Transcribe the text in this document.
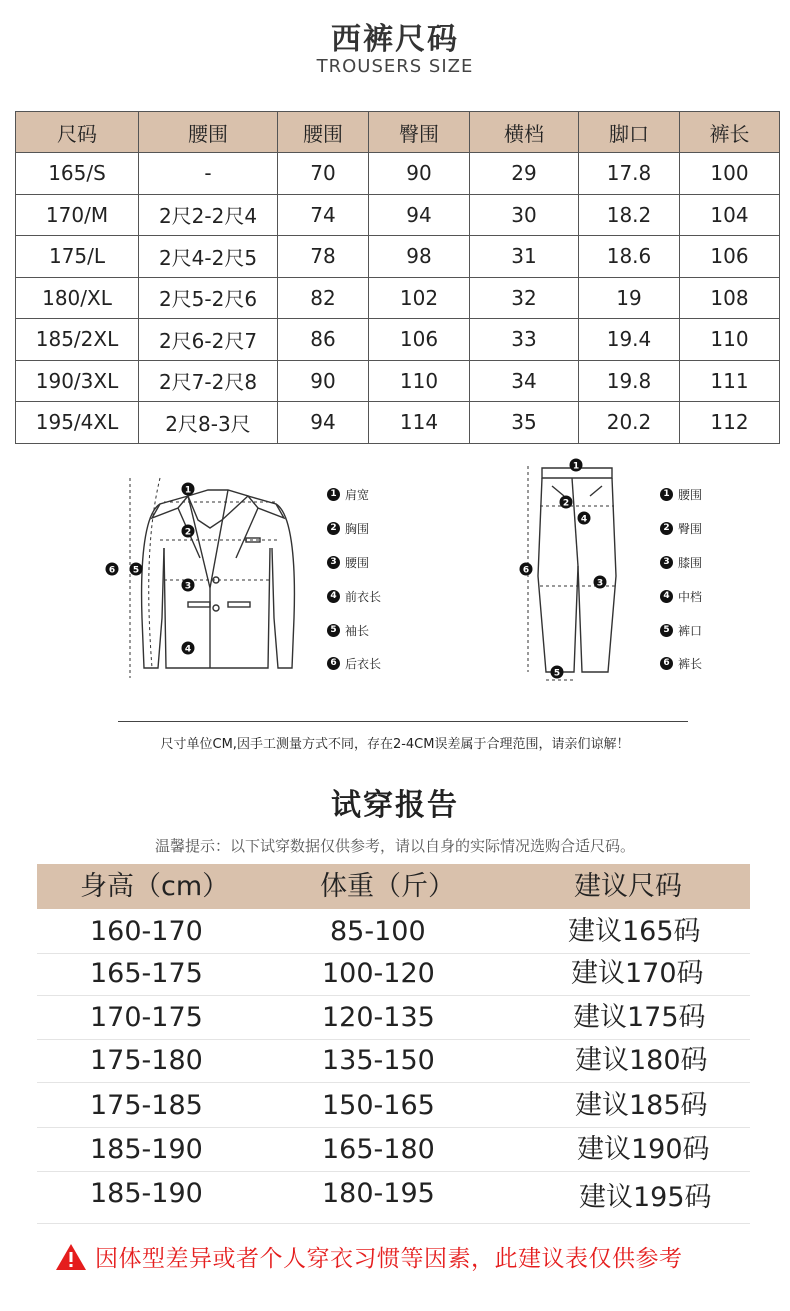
西裤尺码
TROUSERS SIZE
尺码	腰围	腰围	臀围	横档	脚口	裤长
165/S	-	70	90	29	17.8	100
170/M	2尺2-2尺4	74	94	30	18.2	104
175/L	2尺4-2尺5	78	98	31	18.6	106
180/XL	2尺5-2尺6	82	102	32	19	108
185/2XL	2尺6-2尺7	86	106	33	19.4	110
190/3XL	2尺7-2尺8	90	110	34	19.8	111
195/4XL	2尺8-3尺	94	114	35	20.2	112
1
2
3
4
5
6
1 肩宽
2 胸围
3 腰围
4 前衣长
5 袖长
6 后衣长
1
2
3
4
5
6
1 腰围
2 臀围
3 膝围
4 中档
5 裤口
6 裤长
尺寸单位CM,因手工测量方式不同，存在2-4CM误差属于合理范围，请亲们谅解！
试穿报告
温馨提示：以下试穿数据仅供参考，请以自身的实际情况选购合适尺码。
身高（cm）	体重（斤）	建议尺码
160-170	85-100	建议165码
165-175	100-120	建议170码
170-175	120-135	建议175码
175-180	135-150	建议180码
175-185	150-165	建议185码
185-190	165-180	建议190码
185-190	180-195	建议195码
因体型差异或者个人穿衣习惯等因素，此建议表仅供参考
